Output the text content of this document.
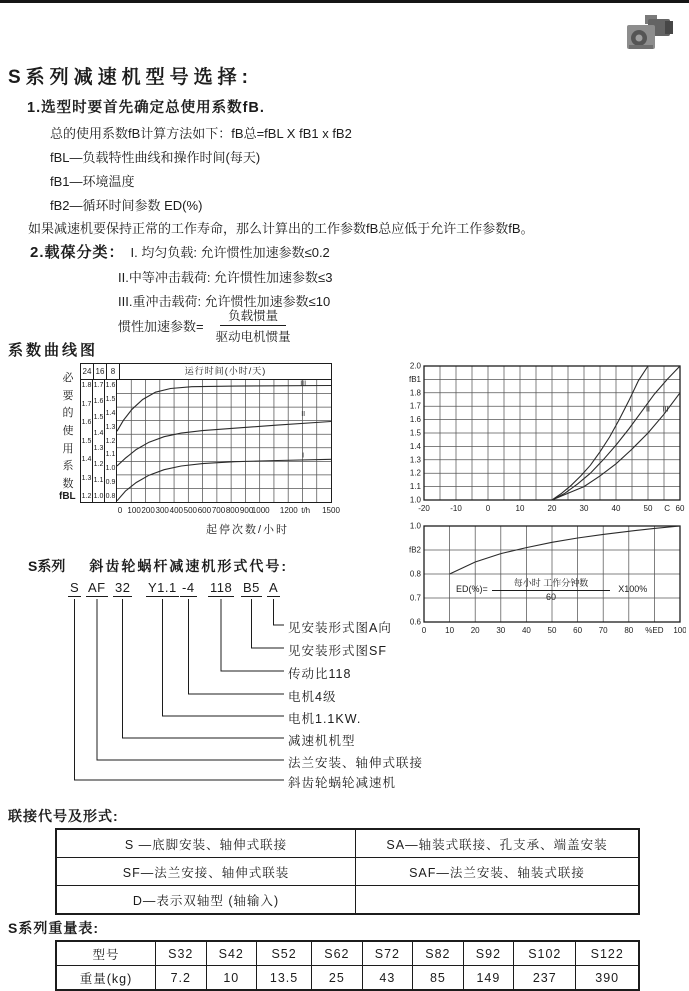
S系列减速机型号选择:
1.选型时要首先确定总使用系数fB.
总的使用系数fB计算方法如下：fB总=fBL X fB1 x fB2
fBL—负载特性曲线和操作时间(每天)
fB1—环境温度
fB2—循环时间参数 ED(%)
如果减速机要保持正常的工作寿命，那么计算出的工作参数fB总应低于允许工作参数fB。
2.载葆分类： I. 均匀负载: 允许惯性加速参数≤0.2
II.中等冲击载荷: 允许惯性加速参数≤3
III.重冲击载荷: 允许惯性加速参数≤10
惯性加速参数= $\frac{\text{负载惯量}}{\text{驱动电机惯量}}$
系数曲线图
必
要
的
使
用
系
数
fBL
24 16 8	运行时间(小时/天)
1.8
1.7
1.6
1.5
1.4
1.3
1.2
1.7
1.6
1.5
1.4
1.3
1.2
1.1
1.0
1.6
1.5
1.4
1.3
1.2
1.1
1.0
0.9
0.8
III
II
I
0 100 200 300 400 500 600 700 800 900
1000 1200 t/h 1500
起停次数/小时
2.0
fB1
1.8
1.7
1.6
1.5
1.4
1.3
1.2
1.1
1.0
-20	-10	0	10	20	30	40	50 C 60
I II III
$ED(\%)= \frac{\text{每小时 工作分钟数}}{60} X100\%$
1.0
fB2
0.8
0.7
0.6
0 10 20 30 40 50 60 70 80 %ED 100
S系列 斜齿轮蜗杆减速机形式代号:
S AF 32 Y1.1 -4 118 B5 A
见安装形式图A向
见安装形式图SF
传动比118
电机4级
电机1.1KW.
减速机机型
法兰安装、轴伸式联接
斜齿轮蜗轮减速机
联接代号及形式:
S —底脚安装、轴伸式联接	SA—轴装式联接、孔支承、端盖安装
SF—法兰安接、轴伸式联装	SAF—法兰安装、轴装式联接
D—表示双轴型 (轴输入)	
S系列重量表:
型号	S32	S42	S52	S62	S72	S82	S92	S102	S122
重量(kg)	7.2	10	13.5	25	43	85	149	237	390
